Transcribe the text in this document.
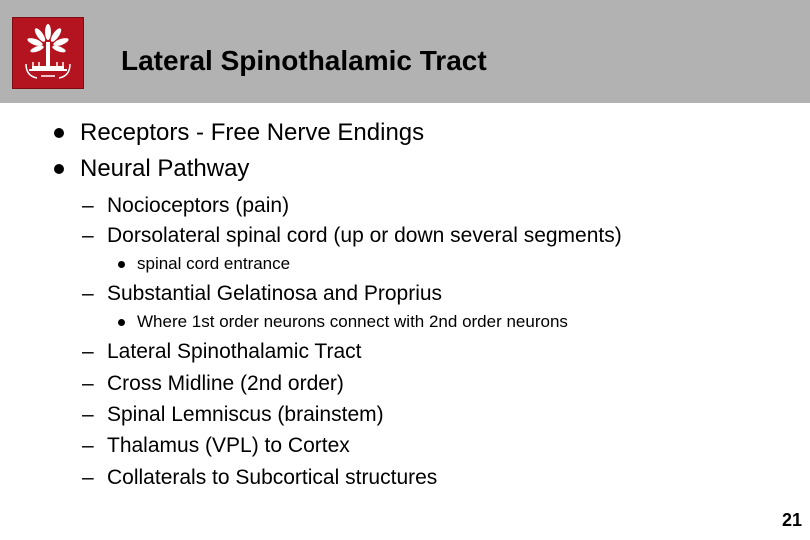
Lateral Spinothalamic Tract
Receptors - Free Nerve Endings
Neural Pathway
– Nocioceptors (pain)
– Dorsolateral spinal cord (up or down several segments)
spinal cord entrance
– Substantial Gelatinosa and Proprius
Where 1st order neurons connect with 2nd order neurons
– Lateral Spinothalamic Tract
– Cross Midline (2nd order)
– Spinal Lemniscus (brainstem)
– Thalamus (VPL) to Cortex
– Collaterals to Subcortical structures
21
